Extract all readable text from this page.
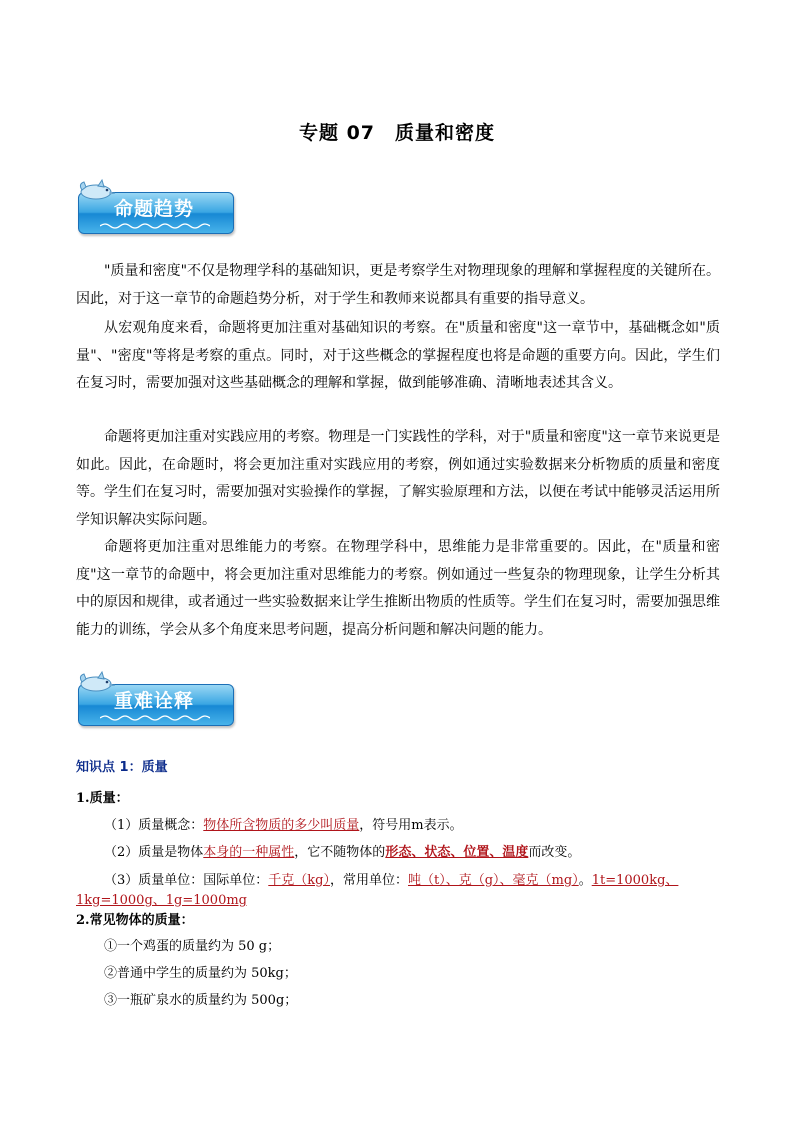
专题 07　质量和密度
命题趋势
"质量和密度"不仅是物理学科的基础知识，更是考察学生对物理现象的理解和掌握程度的关键所在。因此，对于这一章节的命题趋势分析，对于学生和教师来说都具有重要的指导意义。
从宏观角度来看，命题将更加注重对基础知识的考察。在"质量和密度"这一章节中，基础概念如"质量"、"密度"等将是考察的重点。同时，对于这些概念的掌握程度也将是命题的重要方向。因此，学生们在复习时，需要加强对这些基础概念的理解和掌握，做到能够准确、清晰地表述其含义。
命题将更加注重对实践应用的考察。物理是一门实践性的学科，对于"质量和密度"这一章节来说更是如此。因此，在命题时，将会更加注重对实践应用的考察，例如通过实验数据来分析物质的质量和密度等。学生们在复习时，需要加强对实验操作的掌握，了解实验原理和方法，以便在考试中能够灵活运用所学知识解决实际问题。
命题将更加注重对思维能力的考察。在物理学科中，思维能力是非常重要的。因此，在"质量和密度"这一章节的命题中，将会更加注重对思维能力的考察。例如通过一些复杂的物理现象，让学生分析其中的原因和规律，或者通过一些实验数据来让学生推断出物质的性质等。学生们在复习时，需要加强思维能力的训练，学会从多个角度来思考问题，提高分析问题和解决问题的能力。
重难诠释
知识点 1：质量
1.质量：
（1）质量概念：物体所含物质的多少叫质量，符号用m表示。
（2）质量是物体本身的一种属性，它不随物体的形态、状态、位置、温度而改变。
（3）质量单位：国际单位：千克（kg），常用单位：吨（t）、克（g）、毫克（mg）。1t=1000kg、
1kg=1000g、1g=1000mg
2.常见物体的质量：
①一个鸡蛋的质量约为 50 g；
②普通中学生的质量约为 50kg；
③一瓶矿泉水的质量约为 500g；
